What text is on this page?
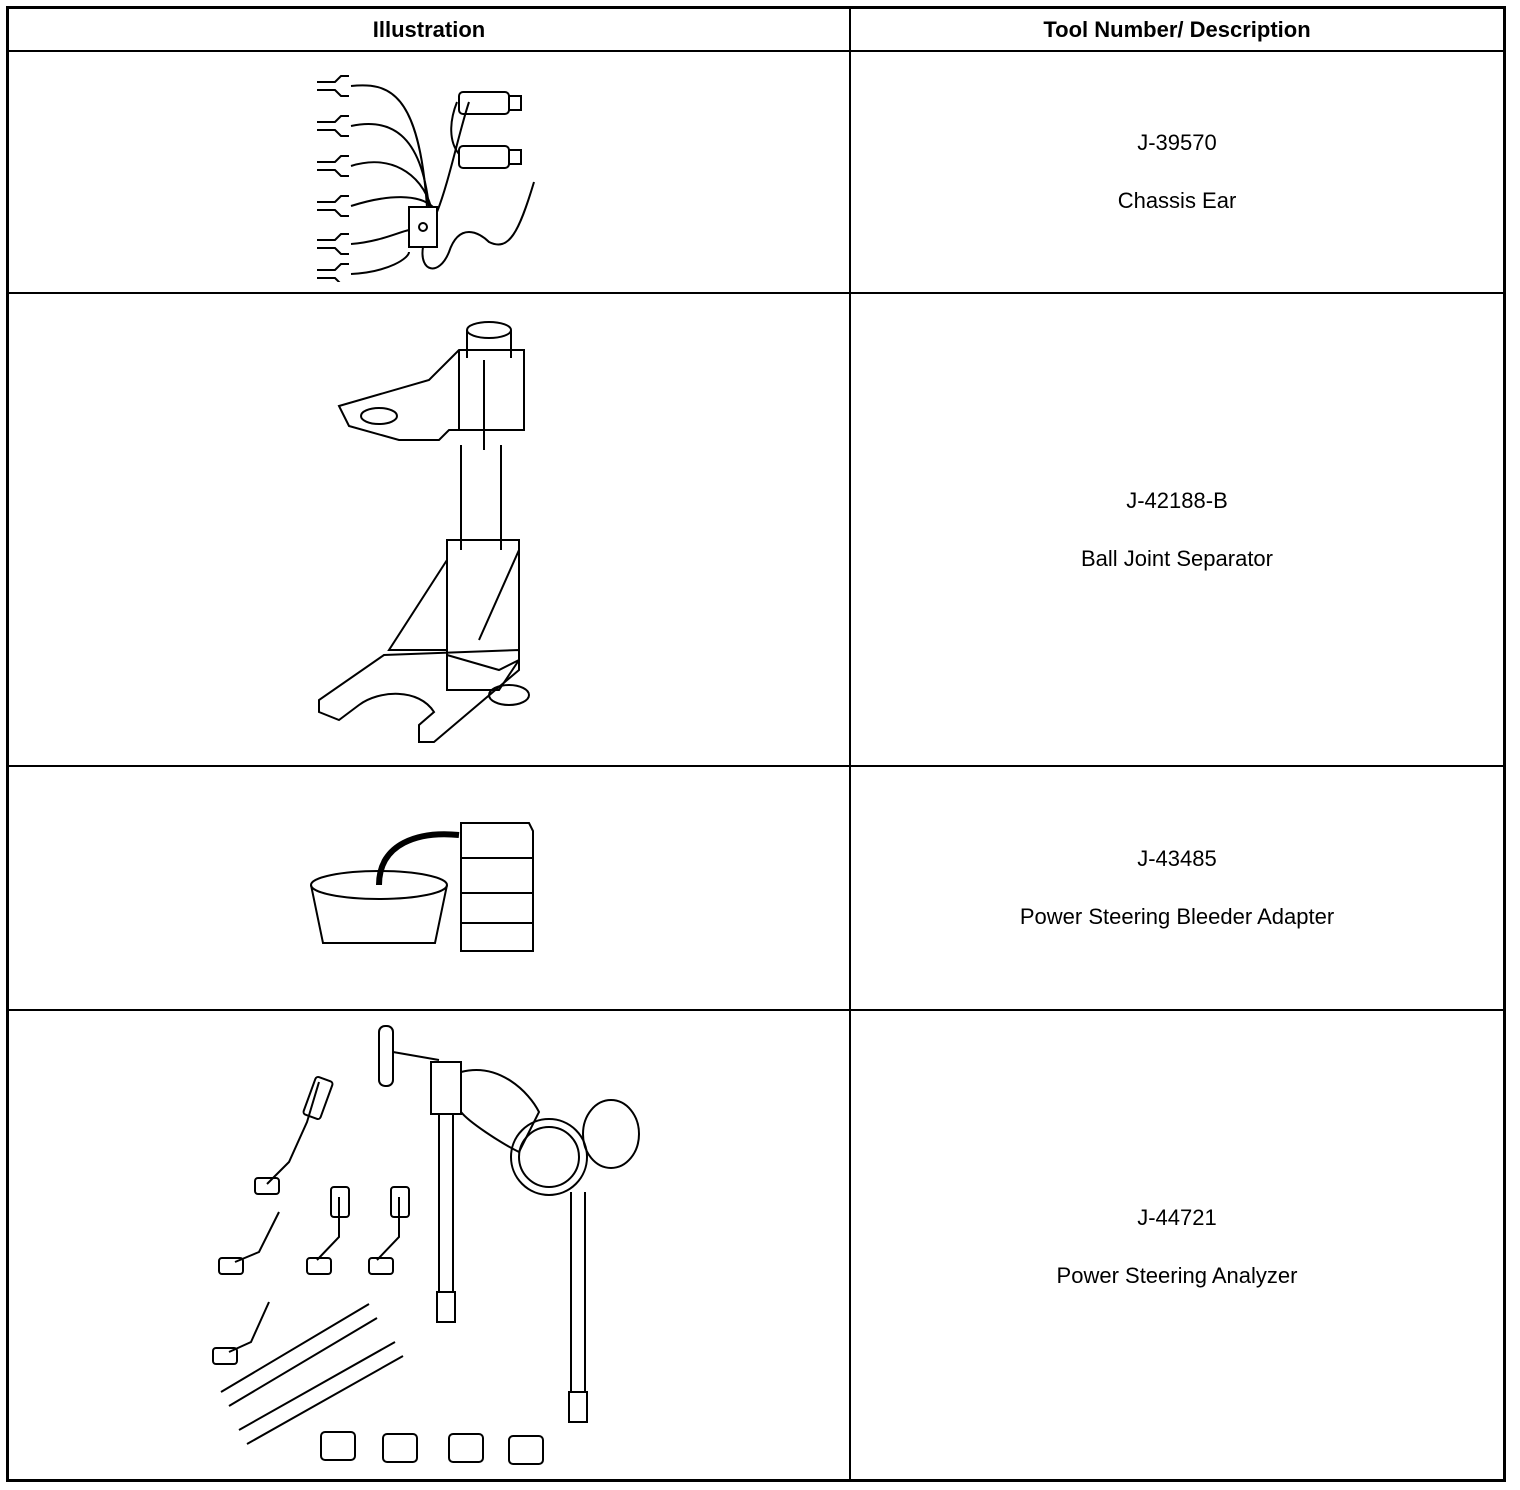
Illustration	Tool Number/ Description
J-39570
Chassis Ear
J-42188-B
Ball Joint Separator
J-43485
Power Steering Bleeder Adapter
J-44721
Power Steering Analyzer
